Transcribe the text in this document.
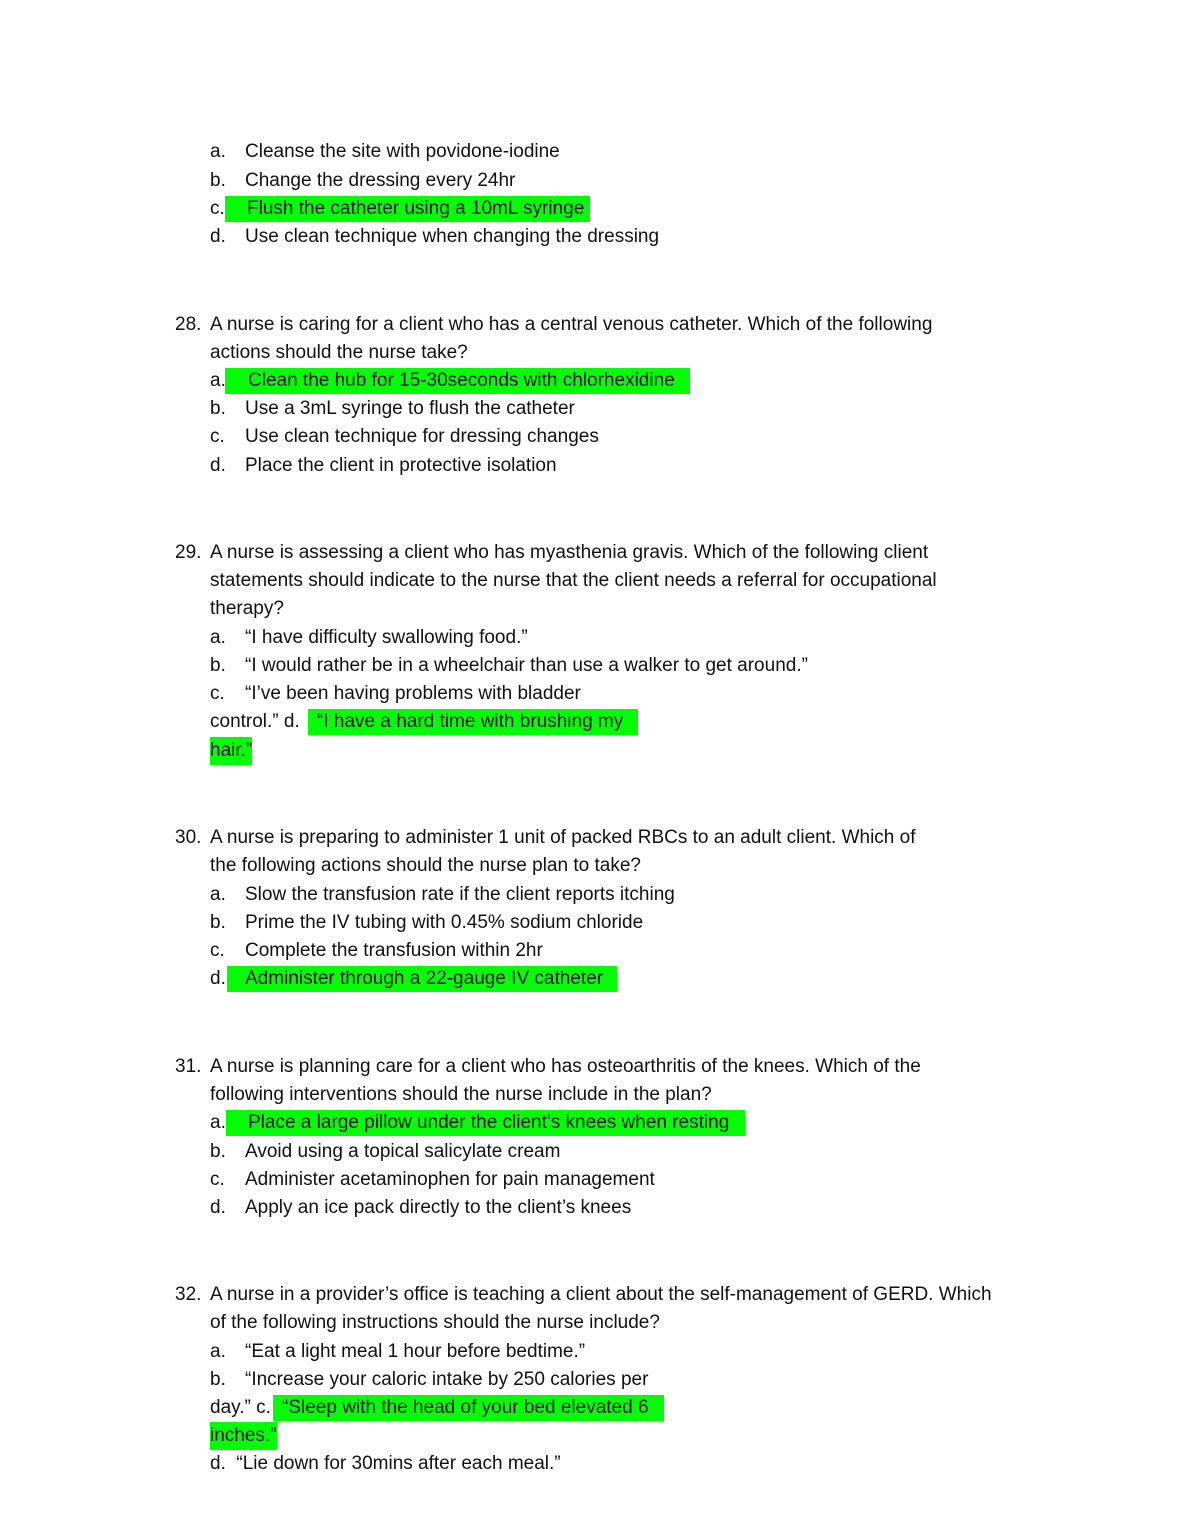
a. Cleanse the site with povidone-iodine
b. Change the dressing every 24hr
c. Flush the catheter using a 10mL syringe
d. Use clean technique when changing the dressing
28. A nurse is caring for a client who has a central venous catheter. Which of the following
actions should the nurse take?
a. Clean the hub for 15-30seconds with chlorhexidine
b. Use a 3mL syringe to flush the catheter
c. Use clean technique for dressing changes
d. Place the client in protective isolation
29. A nurse is assessing a client who has myasthenia gravis. Which of the following client
statements should indicate to the nurse that the client needs a referral for occupational
therapy?
a. “I have difficulty swallowing food.”
b. “I would rather be in a wheelchair than use a walker to get around.”
c. “I’ve been having problems with bladder
control.” d. “I have a hard time with brushing my
hair.”
30. A nurse is preparing to administer 1 unit of packed RBCs to an adult client. Which of
the following actions should the nurse plan to take?
a. Slow the transfusion rate if the client reports itching
b. Prime the IV tubing with 0.45% sodium chloride
c. Complete the transfusion within 2hr
d. Administer through a 22-gauge IV catheter
31. A nurse is planning care for a client who has osteoarthritis of the knees. Which of the
following interventions should the nurse include in the plan?
a. Place a large pillow under the client’s knees when resting
b. Avoid using a topical salicylate cream
c. Administer acetaminophen for pain management
d. Apply an ice pack directly to the client’s knees
32. A nurse in a provider’s office is teaching a client about the self-management of GERD. Which
of the following instructions should the nurse include?
a. “Eat a light meal 1 hour before bedtime.”
b. “Increase your caloric intake by 250 calories per
day.” c. “Sleep with the head of your bed elevated 6
inches.”
d.  “Lie down for 30mins after each meal.”
